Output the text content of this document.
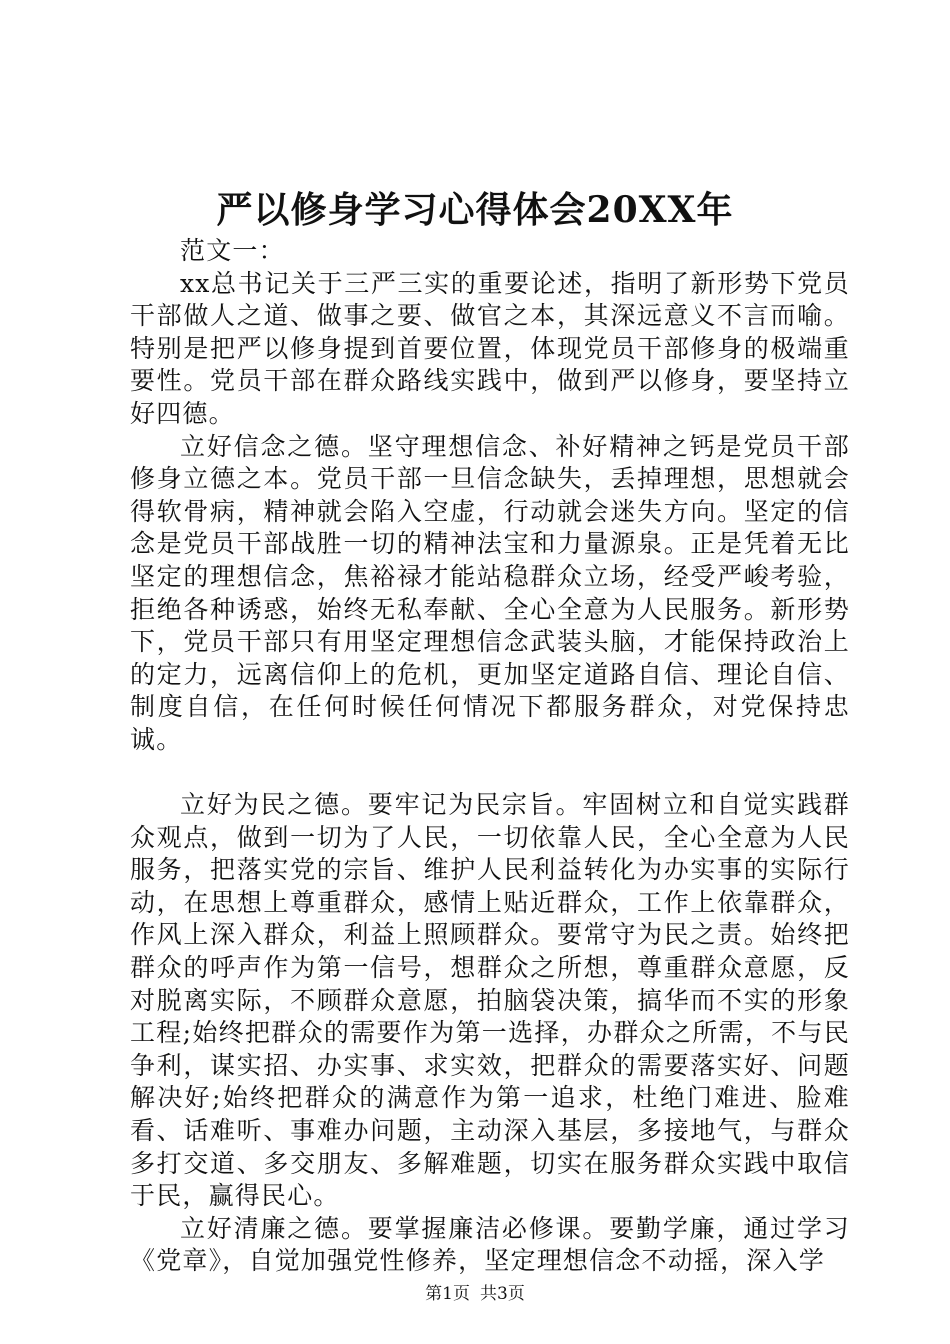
严以修身学习心得体会20XX年

范文一：

xx总书记关于三严三实的重要论述，指明了新形势下党员干部做人之道、做事之要、做官之本，其深远意义不言而喻。特别是把严以修身提到首要位置，体现党员干部修身的极端重要性。党员干部在群众路线实践中，做到严以修身，要坚持立好四德。

立好信念之德。坚守理想信念、补好精神之钙是党员干部修身立德之本。党员干部一旦信念缺失，丢掉理想，思想就会得软骨病，精神就会陷入空虚，行动就会迷失方向。坚定的信念是党员干部战胜一切的精神法宝和力量源泉。正是凭着无比坚定的理想信念，焦裕禄才能站稳群众立场，经受严峻考验，拒绝各种诱惑，始终无私奉献、全心全意为人民服务。新形势下，党员干部只有用坚定理想信念武装头脑，才能保持政治上的定力，远离信仰上的危机，更加坚定道路自信、理论自信、制度自信，在任何时候任何情况下都服务群众，对党保持忠诚。

立好为民之德。要牢记为民宗旨。牢固树立和自觉实践群众观点，做到一切为了人民，一切依靠人民，全心全意为人民服务，把落实党的宗旨、维护人民利益转化为办实事的实际行动，在思想上尊重群众，感情上贴近群众，工作上依靠群众，作风上深入群众，利益上照顾群众。要常守为民之责。始终把群众的呼声作为第一信号，想群众之所想，尊重群众意愿，反对脱离实际，不顾群众意愿，拍脑袋决策，搞华而不实的形象工程;始终把群众的需要作为第一选择，办群众之所需，不与民争利，谋实招、办实事、求实效，把群众的需要落实好、问题解决好;始终把群众的满意作为第一追求，杜绝门难进、脸难看、话难听、事难办问题，主动深入基层，多接地气，与群众多打交道、多交朋友、多解难题，切实在服务群众实践中取信于民，赢得民心。

立好清廉之德。要掌握廉洁必修课。要勤学廉，通过学习《党章》，自觉加强党性修养，坚定理想信念不动摇，深入学

第1页 共3页
